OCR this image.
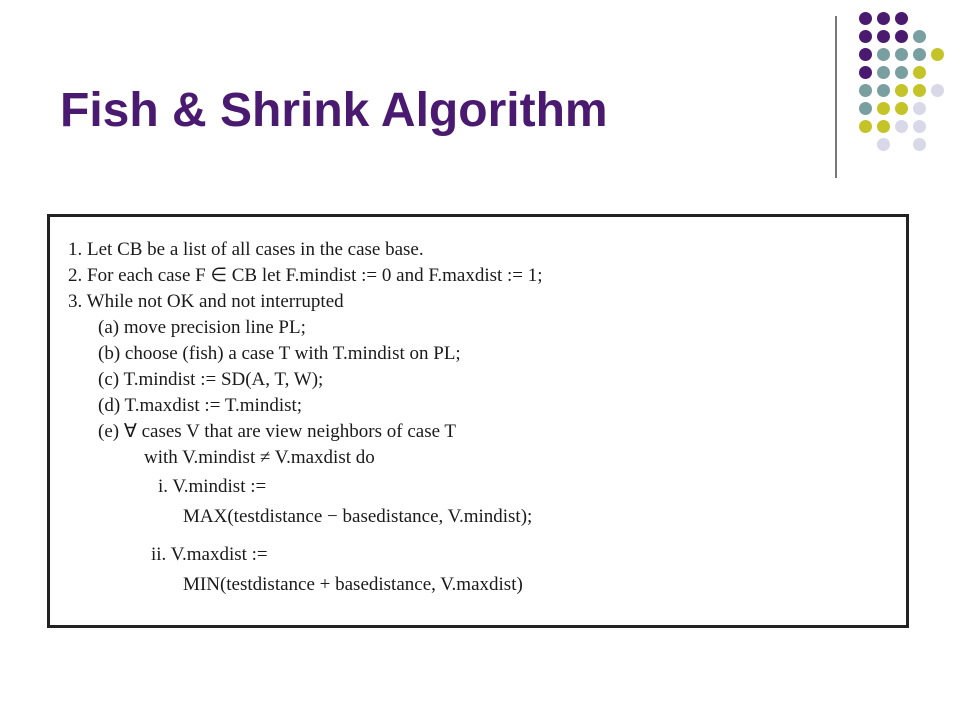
Fish & Shrink Algorithm
1. Let CB be a list of all cases in the case base.
2. For each case F ∈ CB let F.mindist := 0 and F.maxdist := 1;
3. While not OK and not interrupted
(a) move precision line PL;
(b) choose (fish) a case T with T.mindist on PL;
(c) T.mindist := SD(A, T, W);
(d) T.maxdist := T.mindist;
(e) ∀ cases V that are view neighbors of case T
with V.mindist ≠ V.maxdist do
i. V.mindist :=
MAX(testdistance − basedistance, V.mindist);
ii. V.maxdist :=
MIN(testdistance + basedistance, V.maxdist)
